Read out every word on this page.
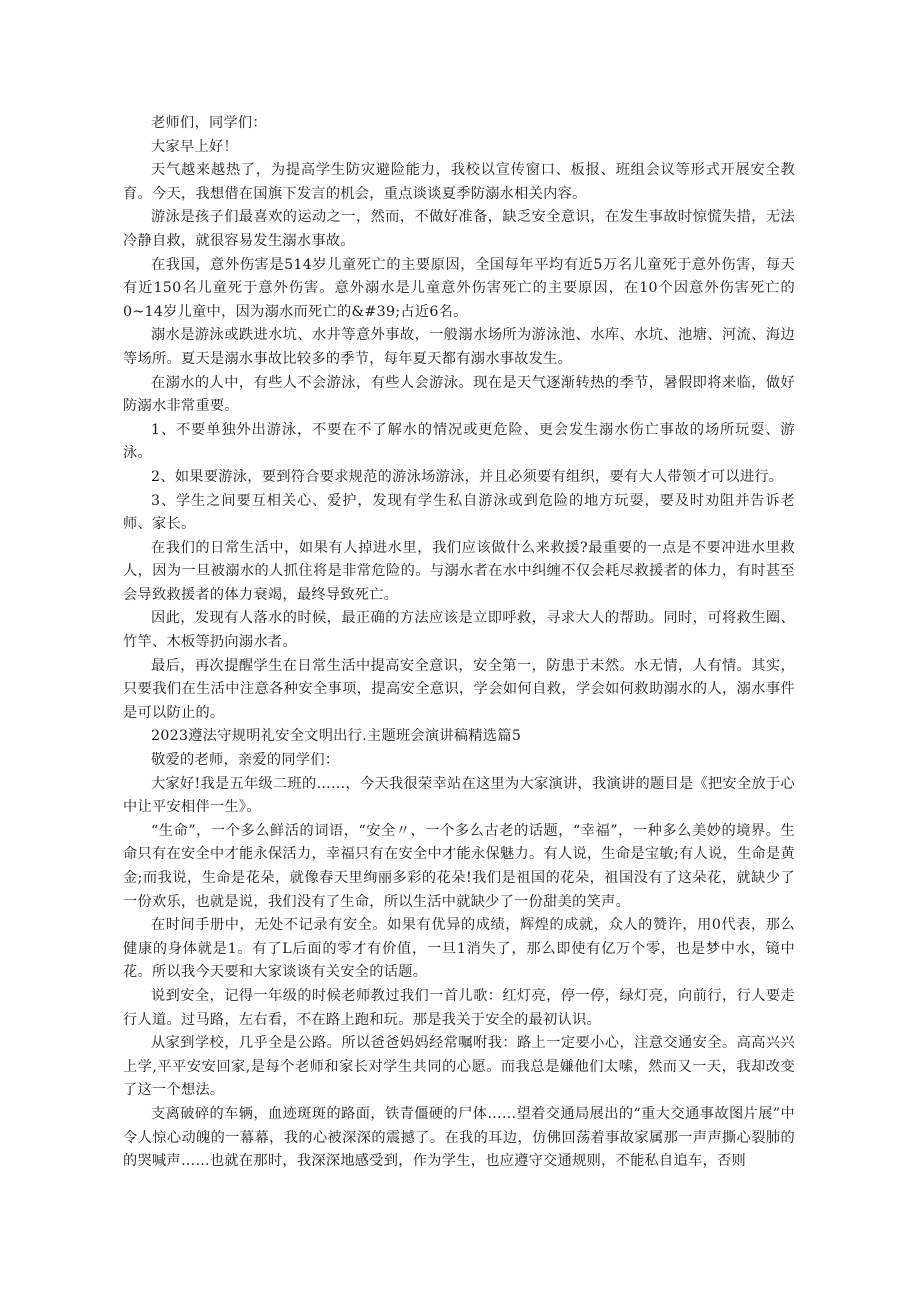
老师们，同学们：

大家早上好！

天气越来越热了，为提高学生防灾避险能力，我校以宣传窗口、板报、班组会议等形式开展安全教育。今天，我想借在国旗下发言的机会，重点谈谈夏季防溺水相关内容。

游泳是孩子们最喜欢的运动之一，然而，不做好准备，缺乏安全意识，在发生事故时惊慌失措，无法冷静自救，就很容易发生溺水事故。

在我国，意外伤害是514岁儿童死亡的主要原因，全国每年平均有近5万名儿童死于意外伤害，每天有近150名儿童死于意外伤害。意外溺水是儿童意外伤害死亡的主要原因，在10个因意外伤害死亡的0~14岁儿童中，因为溺水而死亡的&#39;占近6名。

溺水是游泳或跌进水坑、水井等意外事故，一般溺水场所为游泳池、水库、水坑、池塘、河流、海边等场所。夏天是溺水事故比较多的季节，每年夏天都有溺水事故发生。

在溺水的人中，有些人不会游泳，有些人会游泳。现在是天气逐渐转热的季节，暑假即将来临，做好防溺水非常重要。

1、不要单独外出游泳，不要在不了解水的情况或更危险、更会发生溺水伤亡事故的场所玩耍、游泳。

2、如果要游泳，要到符合要求规范的游泳场游泳，并且必须要有组织，要有大人带领才可以进行。

3、学生之间要互相关心、爱护，发现有学生私自游泳或到危险的地方玩耍，要及时劝阻并告诉老师、家长。

在我们的日常生活中，如果有人掉进水里，我们应该做什么来救援?最重要的一点是不要冲进水里救人，因为一旦被溺水的人抓住将是非常危险的。与溺水者在水中纠缠不仅会耗尽救援者的体力，有时甚至会导致救援者的体力衰竭，最终导致死亡。

因此，发现有人落水的时候，最正确的方法应该是立即呼救，寻求大人的帮助。同时，可将救生圈、竹竿、木板等扔向溺水者。

最后，再次提醒学生在日常生活中提高安全意识，安全第一，防患于未然。水无情，人有情。其实，只要我们在生活中注意各种安全事项，提高安全意识，学会如何自救，学会如何救助溺水的人，溺水事件是可以防止的。

2023遵法守规明礼安全文明出行.主题班会演讲稿精选篇5

敬爱的老师，亲爱的同学们：

大家好!我是五年级二班的……，今天我很荣幸站在这里为大家演讲，我演讲的题目是《把安全放于心中让平安相伴一生》。

“生命”，一个多么鲜活的词语，“安全〃，一个多么古老的话题，“幸福”，一种多么美妙的境界。生命只有在安全中才能永保活力，幸福只有在安全中才能永保魅力。有人说，生命是宝敏;有人说，生命是黄金;而我说，生命是花朵，就像春天里绚丽多彩的花朵!我们是祖国的花朵，祖国没有了这朵花，就缺少了一份欢乐，也就是说，我们没有了生命，所以生活中就缺少了一份甜美的笑声。

在时间手册中，无处不记录有安全。如果有优异的成绩，辉煌的成就，众人的赞许，用0代表，那么健康的身体就是1。有了L后面的零才有价值，一旦1消失了，那么即使有亿万个零，也是梦中水，镜中花。所以我今天要和大家谈谈有关安全的话题。

说到安全，记得一年级的时候老师教过我们一首儿歌：红灯亮，停一停，绿灯亮，向前行，行人要走行人道。过马路，左右看，不在路上跑和玩。那是我关于安全的最初认识。

从家到学校，几乎全是公路。所以爸爸妈妈经常嘱咐我：路上一定要小心，注意交通安全。高高兴兴上学,平平安安回家,是每个老师和家长对学生共同的心愿。而我总是嫌他们太嗦，然而又一天，我却改变了这一个想法。

支离破碎的车辆，血迹斑斑的路面，铁青僵硬的尸体……望着交通局展出的“重大交通事故图片展”中令人惊心动魄的一幕幕，我的心被深深的震撼了。在我的耳边，仿佛回荡着事故家属那一声声撕心裂肺的的哭喊声……也就在那时，我深深地感受到，作为学生，也应遵守交通规则，不能私自追车，否则
